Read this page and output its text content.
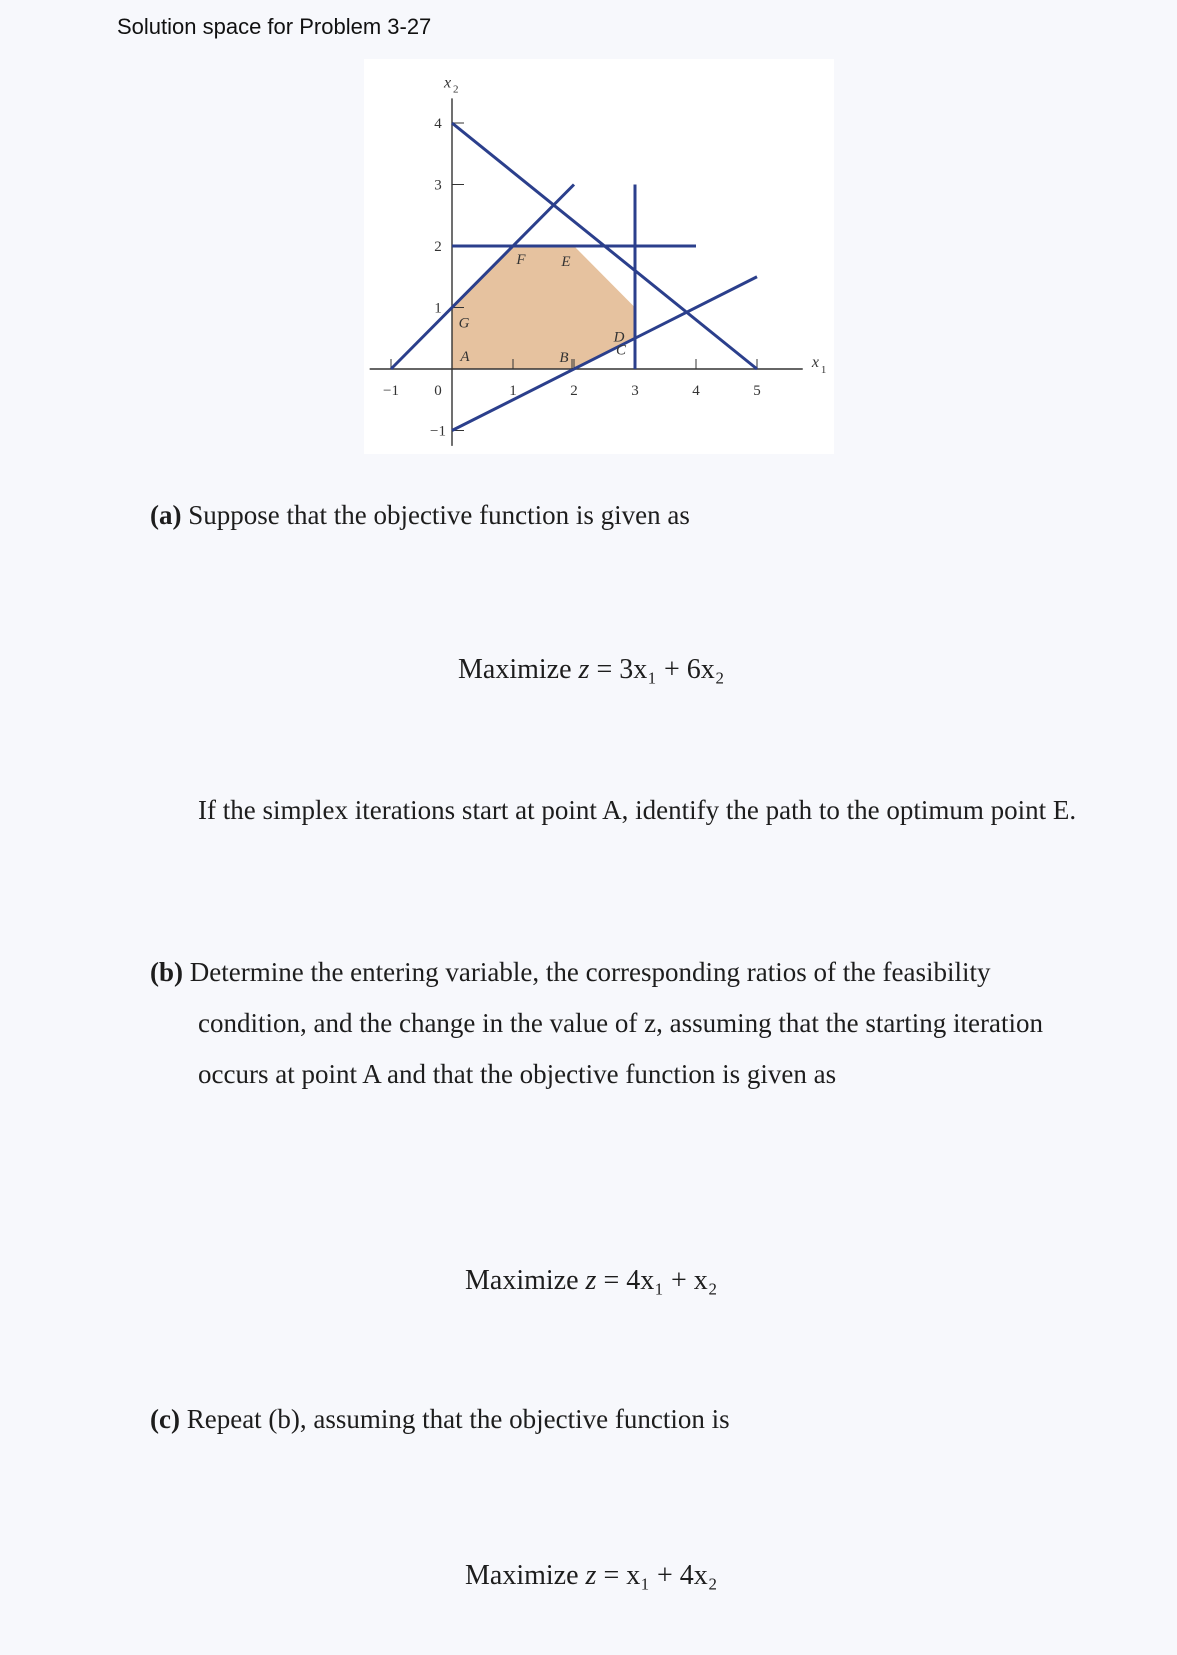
Solution space for Problem 3-27
−1 0	1	2	3	4	5
4
3
2
1
−1
x 1
x 2
A	B	C
D
E
F
G
(a) Suppose that the objective function is given as
Maximize z = 3x₁ + 6x₂
If the simplex iterations start at point A, identify the path to the optimum point E.
(b) Determine the entering variable, the corresponding ratios of the feasibility condition, and the change in the value of z, assuming that the starting iteration occurs at point A and that the objective function is given as
Maximize z = 4x₁ + x₂
(c) Repeat (b), assuming that the objective function is
Maximize z = x₁ + 4x₂
